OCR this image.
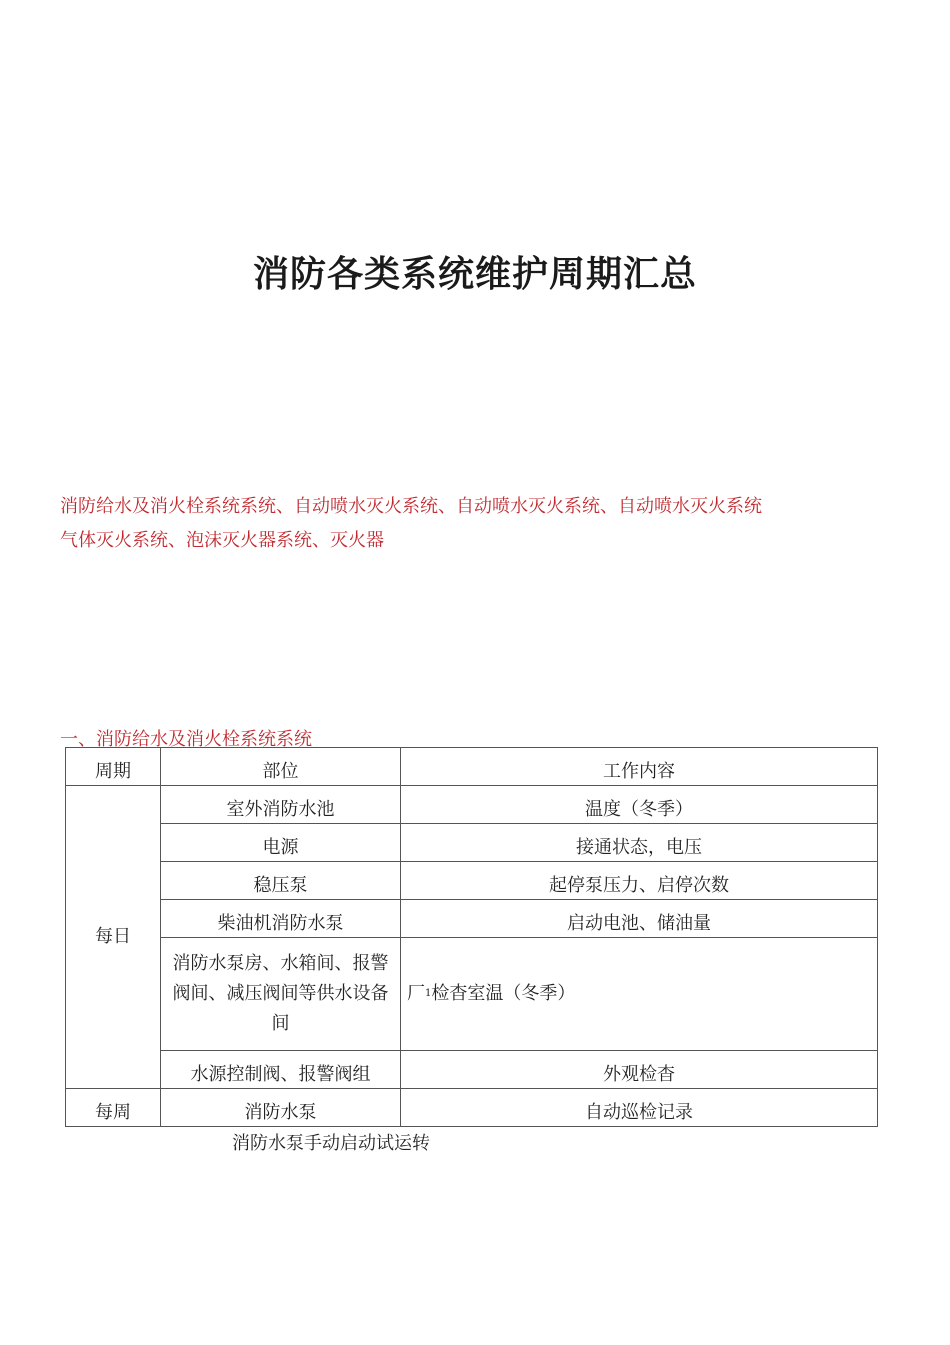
消防各类系统维护周期汇总
消防给水及消火栓系统系统、自动喷水灭火系统、自动喷水灭火系统、自动喷水灭火系统
气体灭火系统、泡沫灭火器系统、灭火器
一、消防给水及消火栓系统系统
周期	部位	工作内容
每日	室外消防水池	温度（冬季）
	电源	接通状态，电压
	稳压泵	起停泵压力、启停次数
	柴油机消防水泵	启动电池、储油量
	消防水泵房、水箱间、报警阀间、减压阀间等供水设备间	厂1检杳室温（冬季）
	水源控制阀、报警阀组	外观检杳
每周	消防水泵	自动巡检记录
消防水泵手动启动试运转
